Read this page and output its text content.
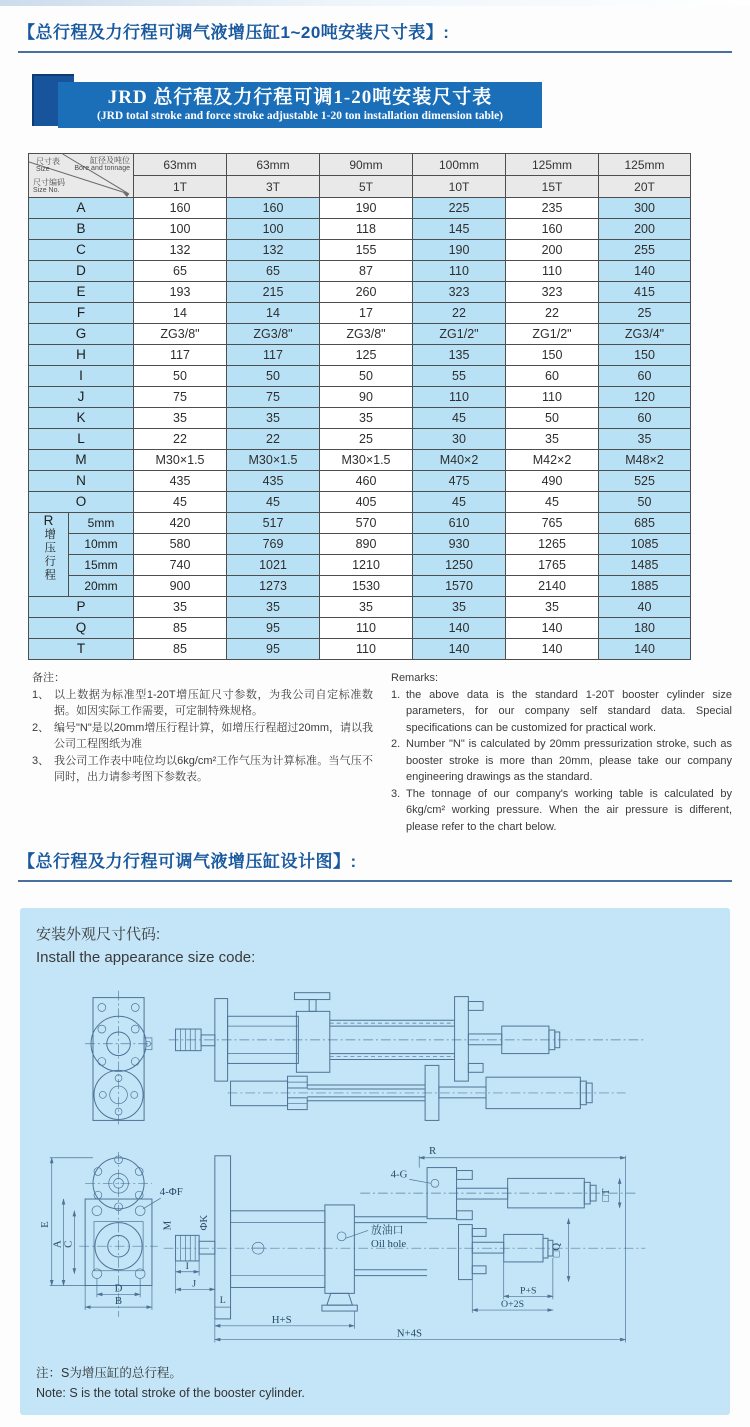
【总行程及力行程可调气液增压缸1~20吨安装尺寸表】:
JRD 总行程及力行程可调1-20吨安装尺寸表
(JRD total stroke and force stroke adjustable 1-20 ton installation dimension table)
尺寸表
Size
缸径及吨位
Bore and tonnage
尺寸编码
Size No.
	63mm	63mm	90mm	100mm	125mm	125mm
		1T	3T	5T	10T	15T	20T
A		160	160	190	225	235	300
B		100	100	118	145	160	200
C		132	132	155	190	200	255
D		65	65	87	110	110	140
E		193	215	260	323	323	415
F		14	14	17	22	22	25
G		ZG3/8"	ZG3/8"	ZG3/8"	ZG1/2"	ZG1/2"	ZG3/4"
H		117	117	125	135	150	150
I		50	50	50	55	60	60
J		75	75	90	110	110	120
K		35	35	35	45	50	60
L		22	22	25	30	35	35
M		M30×1.5	M30×1.5	M30×1.5	M40×2	M42×2	M48×2
N		435	435	460	475	490	525
O		45	45	405	45	45	50

R
增压行程	5mm	420	517	570	610	765	685
	10mm	580	769	890	930	1265	1085
	15mm	740	1021	1210	1250	1765	1485
	20mm	900	1273	1530	1570	2140	1885
P		35	35	35	35	35	40
Q		85	95	110	140	140	180
T		85	95	110	140	140	140
备注：
1、 以上数据为标准型1-20T增压缸尺寸参数，为我公司自定标准数据。如因实际工作需要，可定制特殊规格。
2、 编号"N"是以20mm增压行程计算，如增压行程超过20mm，请以我公司工程图纸为准
3、 我公司工作表中吨位均以6kg/cm²工作气压为计算标准。当气压不同时，出力请参考图下参数表。
Remarks:
1. the above data is the standard 1-20T booster cylinder size parameters, for our company self standard data. Special specifications can be customized for practical work.
2. Number "N" is calculated by 20mm pressurization stroke, such as booster stroke is more than 20mm, please take our company engineering drawings as the standard.
3. The tonnage of our company's working table is calculated by 6kg/cm² working pressure. When the air pressure is different, please refer to the chart below.
【总行程及力行程可调气液增压缸设计图】:
安装外观尺寸代码:
Install the appearance size code:
E
A
C
D
B
4-ΦF
M ΦK	放油口
Oil hole
4-G
□T
R
□Q
P+S
O+2S
I
J
L
H+S
N+4S
注：S为增压缸的总行程。
Note: S is the total stroke of the booster cylinder.
